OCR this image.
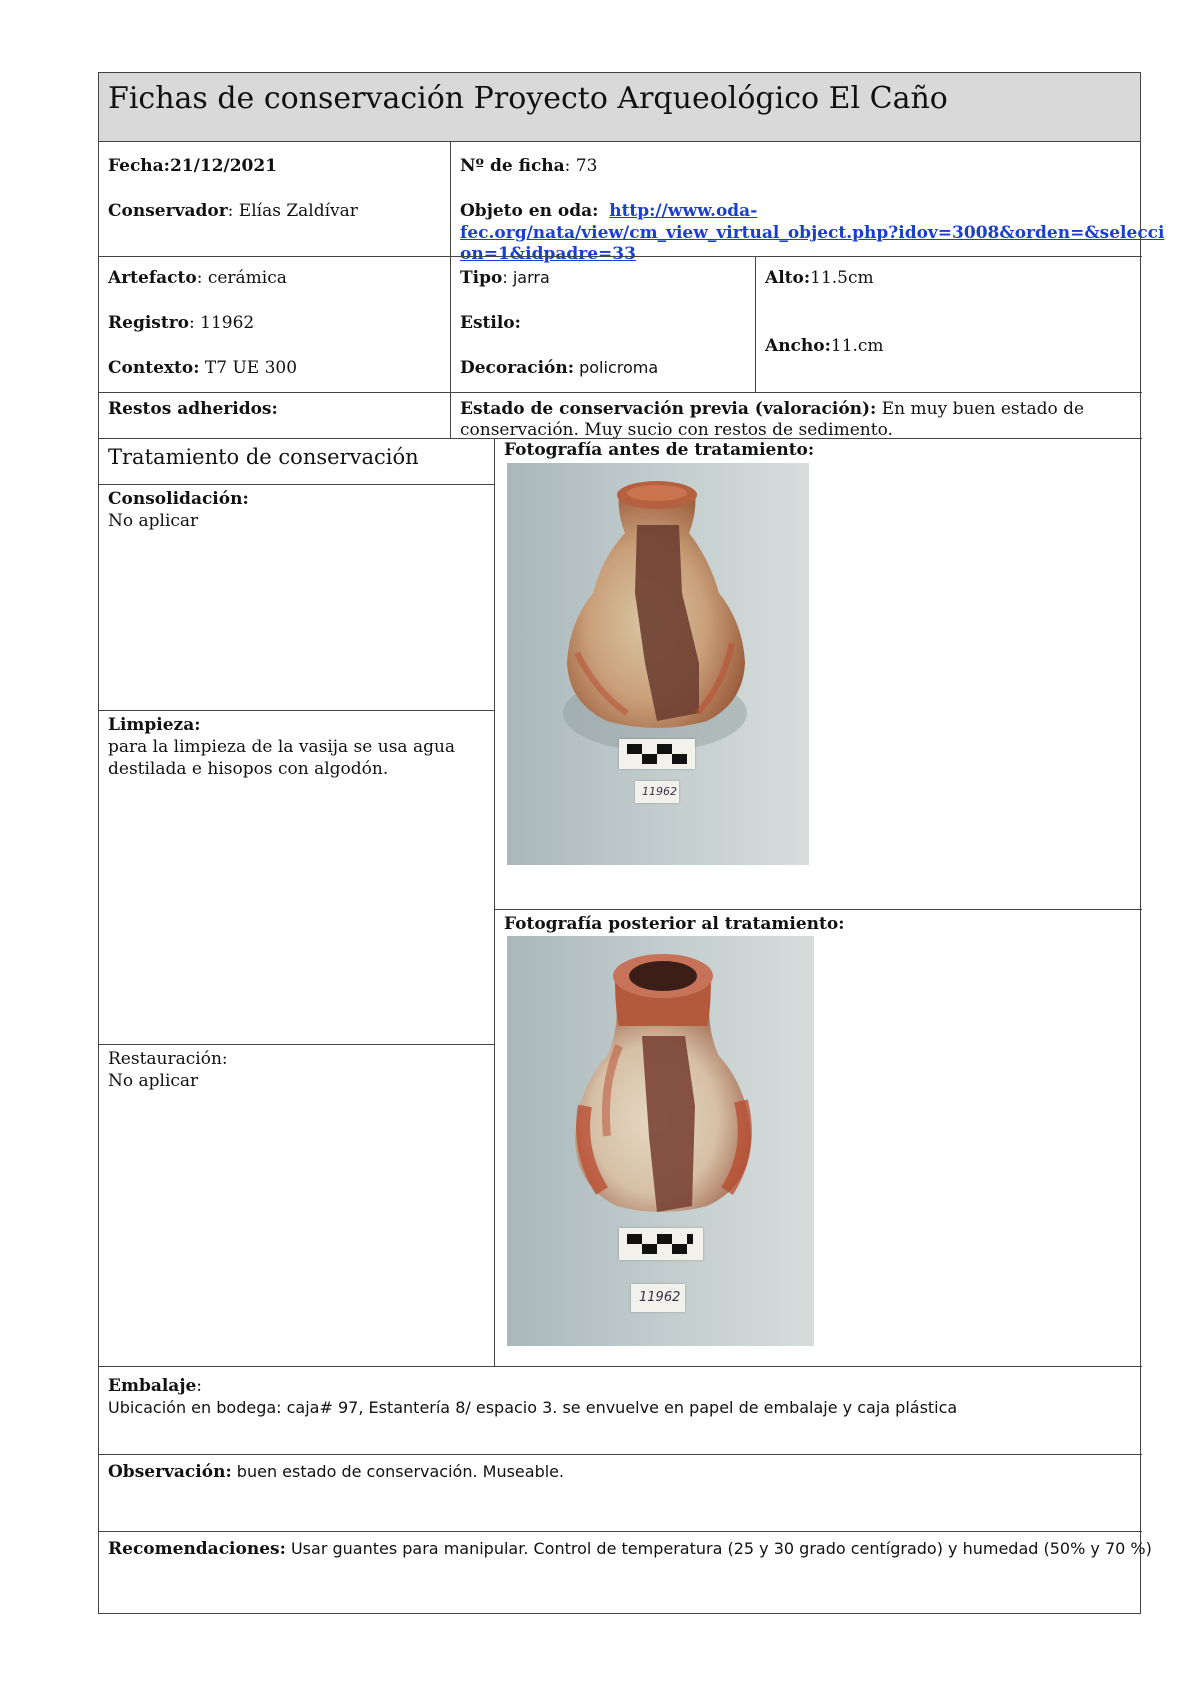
Fichas de conservación Proyecto Arqueológico El Caño
Fecha:21/12/2021
Conservador: Elías Zaldívar
Nº de ficha: 73
Objeto en oda: http://www.oda-
fec.org/nata/view/cm_view_virtual_object.php?idov=3008&orden=&selecci
on=1&idpadre=33
Artefacto: cerámica
Registro: 11962
Contexto: T7 UE 300
Tipo: jarra
Estilo:
Decoración: policroma
Alto:11.5cm
Ancho:11.cm
Restos adheridos:	Estado de conservación previa (valoración): En muy buen estado de
conservación. Muy sucio con restos de sedimento.
Tratamiento de conservación
Consolidación:
No aplicar
Limpieza:
para la limpieza de la vasija se usa agua
destilada e hisopos con algodón.
Restauración:
No aplicar
Fotografía antes de tratamiento:
11962
Fotografía posterior al tratamiento:
11962
Embalaje:
Ubicación en bodega: caja# 97, Estantería 8/ espacio 3. se envuelve en papel de embalaje y caja plástica
Observación: buen estado de conservación. Museable.
Recomendaciones: Usar guantes para manipular. Control de temperatura (25 y 30 grado centígrado) y humedad (50% y 70 %)
